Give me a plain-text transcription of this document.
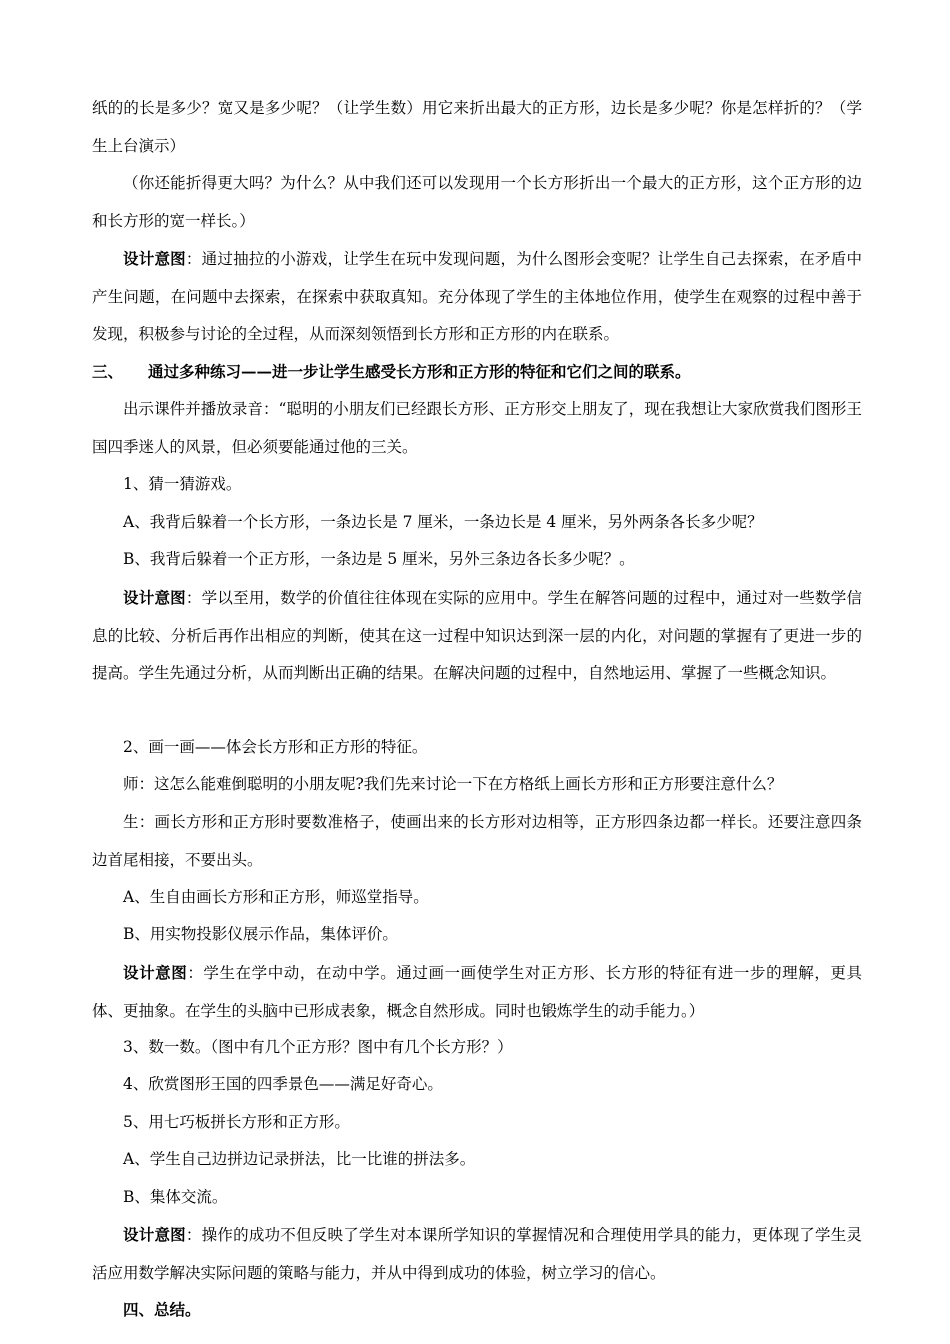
纸的的长是多少？宽又是多少呢？（让学生数）用它来折出最大的正方形，边长是多少呢？你是怎样折的？（学生上台演示）

（你还能折得更大吗？为什么？从中我们还可以发现用一个长方形折出一个最大的正方形，这个正方形的边和长方形的宽一样长。）

设计意图：通过抽拉的小游戏，让学生在玩中发现问题，为什么图形会变呢？让学生自己去探索，在矛盾中产生问题，在问题中去探索，在探索中获取真知。充分体现了学生的主体地位作用，使学生在观察的过程中善于发现，积极参与讨论的全过程，从而深刻领悟到长方形和正方形的内在联系。

三、 通过多种练习——进一步让学生感受长方形和正方形的特征和它们之间的联系。

出示课件并播放录音：“聪明的小朋友们已经跟长方形、正方形交上朋友了，现在我想让大家欣赏我们图形王国四季迷人的风景，但必须要能通过他的三关。

1、猜一猜游戏。

A、我背后躲着一个长方形，一条边长是 7 厘米，一条边长是 4 厘米，另外两条各长多少呢？

B、我背后躲着一个正方形，一条边是 5 厘米，另外三条边各长多少呢？。

设计意图：学以至用，数学的价值往往体现在实际的应用中。学生在解答问题的过程中，通过对一些数学信息的比较、分析后再作出相应的判断，使其在这一过程中知识达到深一层的内化，对问题的掌握有了更进一步的提高。学生先通过分析，从而判断出正确的结果。在解决问题的过程中，自然地运用、掌握了一些概念知识。

2、画一画——体会长方形和正方形的特征。

师：这怎么能难倒聪明的小朋友呢?我们先来讨论一下在方格纸上画长方形和正方形要注意什么？

生：画长方形和正方形时要数准格子，使画出来的长方形对边相等，正方形四条边都一样长。还要注意四条边首尾相接，不要出头。

A、生自由画长方形和正方形，师巡堂指导。

B、用实物投影仪展示作品，集体评价。

设计意图：学生在学中动，在动中学。通过画一画使学生对正方形、长方形的特征有进一步的理解，更具体、更抽象。在学生的头脑中已形成表象，概念自然形成。同时也锻炼学生的动手能力。）

3、数一数。（图中有几个正方形？图中有几个长方形？）

4、欣赏图形王国的四季景色——满足好奇心。

5、用七巧板拼长方形和正方形。

A、学生自己边拼边记录拼法，比一比谁的拼法多。

B、集体交流。

设计意图：操作的成功不但反映了学生对本课所学知识的掌握情况和合理使用学具的能力，更体现了学生灵活应用数学解决实际问题的策略与能力，并从中得到成功的体验，树立学习的信心。

四、总结。
